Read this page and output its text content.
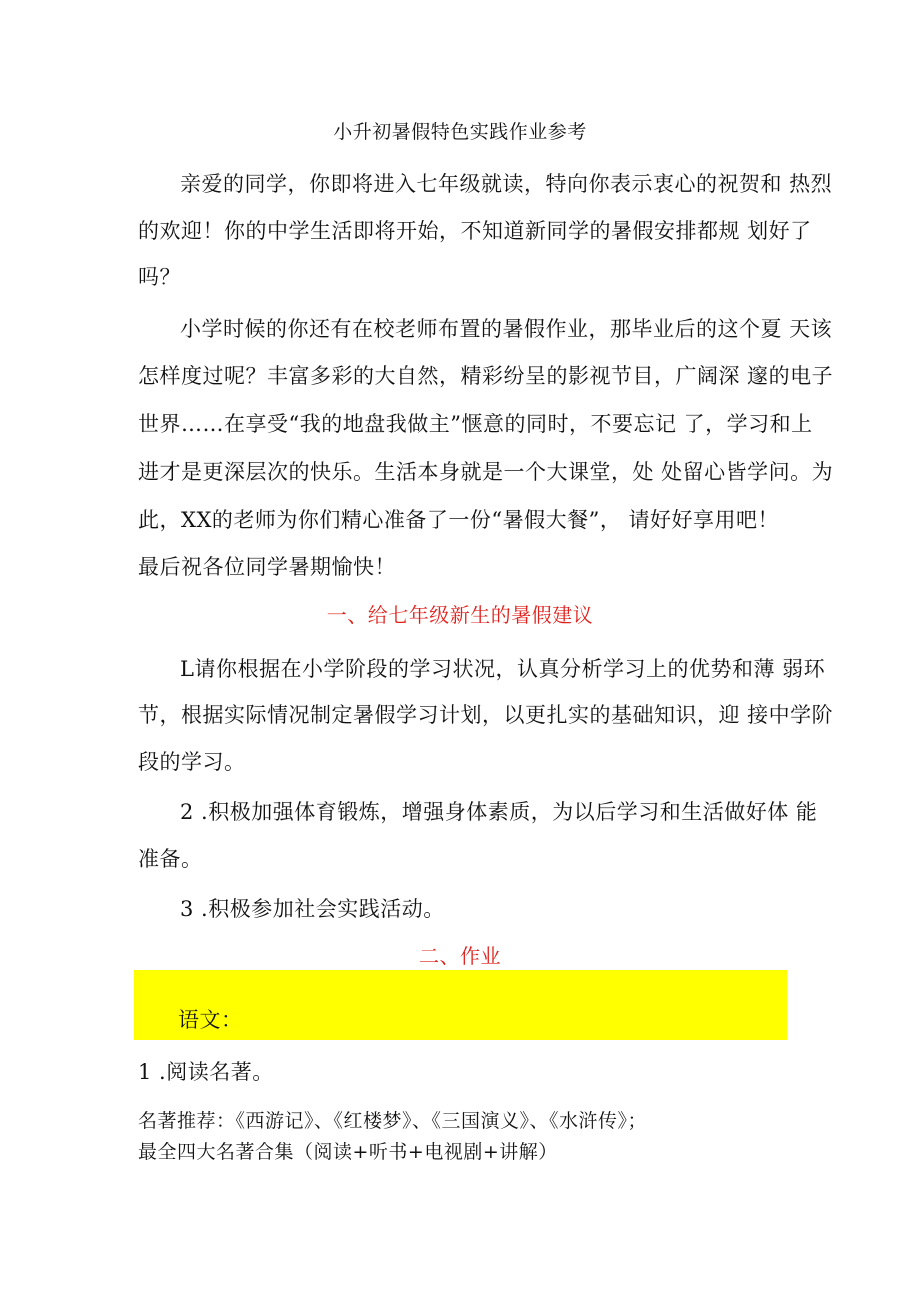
小升初暑假特色实践作业参考
亲爱的同学，你即将进入七年级就读，特向你表示衷心的祝贺和 热烈
的欢迎！你的中学生活即将开始，不知道新同学的暑假安排都规 划好了
吗？
小学时候的你还有在校老师布置的暑假作业，那毕业后的这个夏 天该
怎样度过呢？丰富多彩的大自然，精彩纷呈的影视节目，广阔深 邃的电子
世界……在享受“我的地盘我做主”惬意的同时，不要忘记 了，学习和上
进才是更深层次的快乐。生活本身就是一个大课堂，处 处留心皆学问。为
此，XX的老师为你们精心准备了一份“暑假大餐”， 请好好享用吧！
最后祝各位同学暑期愉快！
一、给七年级新生的暑假建议
L请你根据在小学阶段的学习状况，认真分析学习上的优势和薄 弱环
节，根据实际情况制定暑假学习计划，以更扎实的基础知识，迎 接中学阶
段的学习。
2 .积极加强体育锻炼，增强身体素质，为以后学习和生活做好体 能
准备。
3 .积极参加社会实践活动。
二、作业
语文：
1 .阅读名著。
名著推荐：《西游记》、《红楼梦》、《三国演义》、《水浒传》；
最全四大名著合集（阅读+听书+电视剧+讲解）
